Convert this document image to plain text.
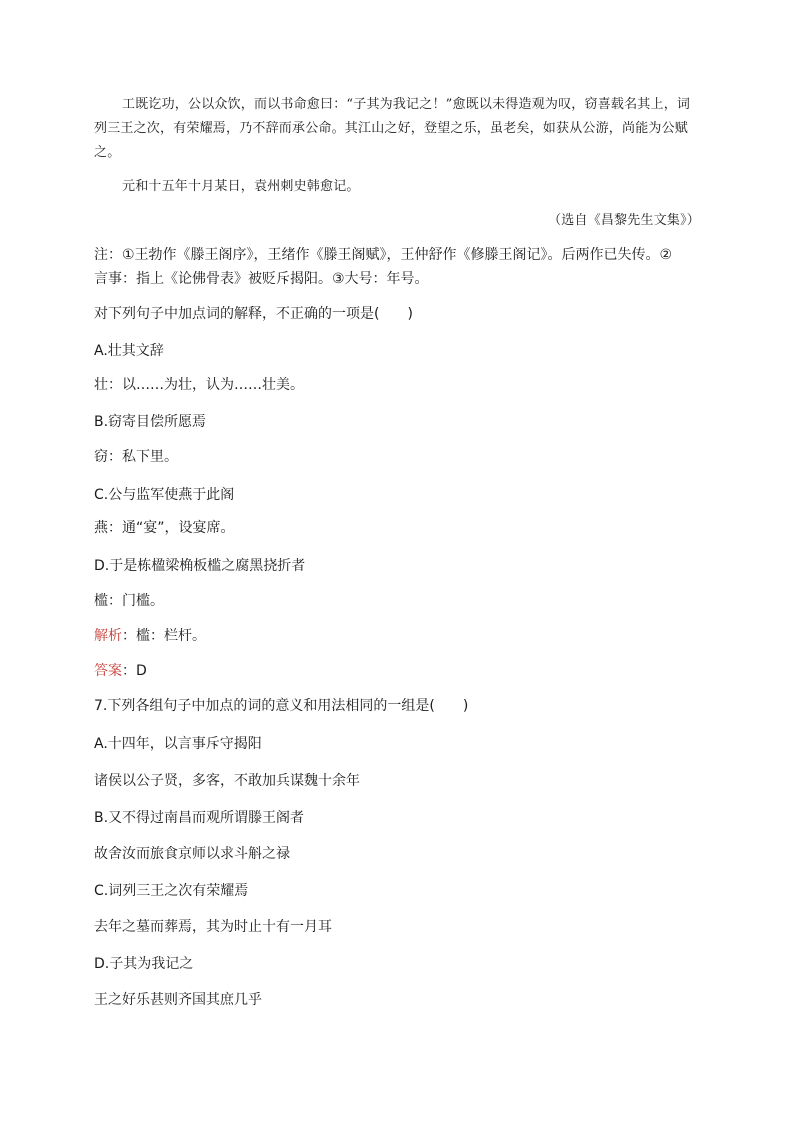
工既讫功，公以众饮，而以书命愈曰：“子其为我记之！”愈既以未得造观为叹，窃喜载名其上，词
列三王之次，有荣耀焉，乃不辞而承公命。其江山之好，登望之乐，虽老矣，如获从公游，尚能为公赋
之。
元和十五年十月某日，袁州刺史韩愈记。
（选自《昌黎先生文集》）
注：①王勃作《滕王阁序》，王绪作《滕王阁赋》，王仲舒作《修滕王阁记》。后两作已失传。②
言事：指上《论佛骨表》被贬斥揭阳。③大号：年号。
对下列句子中加点词的解释，不正确的一项是(　　)
A.壮其文辞
壮：以……为壮，认为……壮美。
B.窃寄目偿所愿焉
窃：私下里。
C.公与监军使燕于此阁
燕：通“宴”，设宴席。
D.于是栋楹梁桷板槛之腐黑挠折者
槛：门槛。
解析：槛：栏杆。
答案：D
7.下列各组句子中加点的词的意义和用法相同的一组是(　　)
A.十四年，以言事斥守揭阳
诸侯以公子贤，多客，不敢加兵谋魏十余年
B.又不得过南昌而观所谓滕王阁者
故舍汝而旅食京师以求斗斛之禄
C.词列三王之次有荣耀焉
去年之墓而葬焉，其为时止十有一月耳
D.子其为我记之
王之好乐甚则齐国其庶几乎
